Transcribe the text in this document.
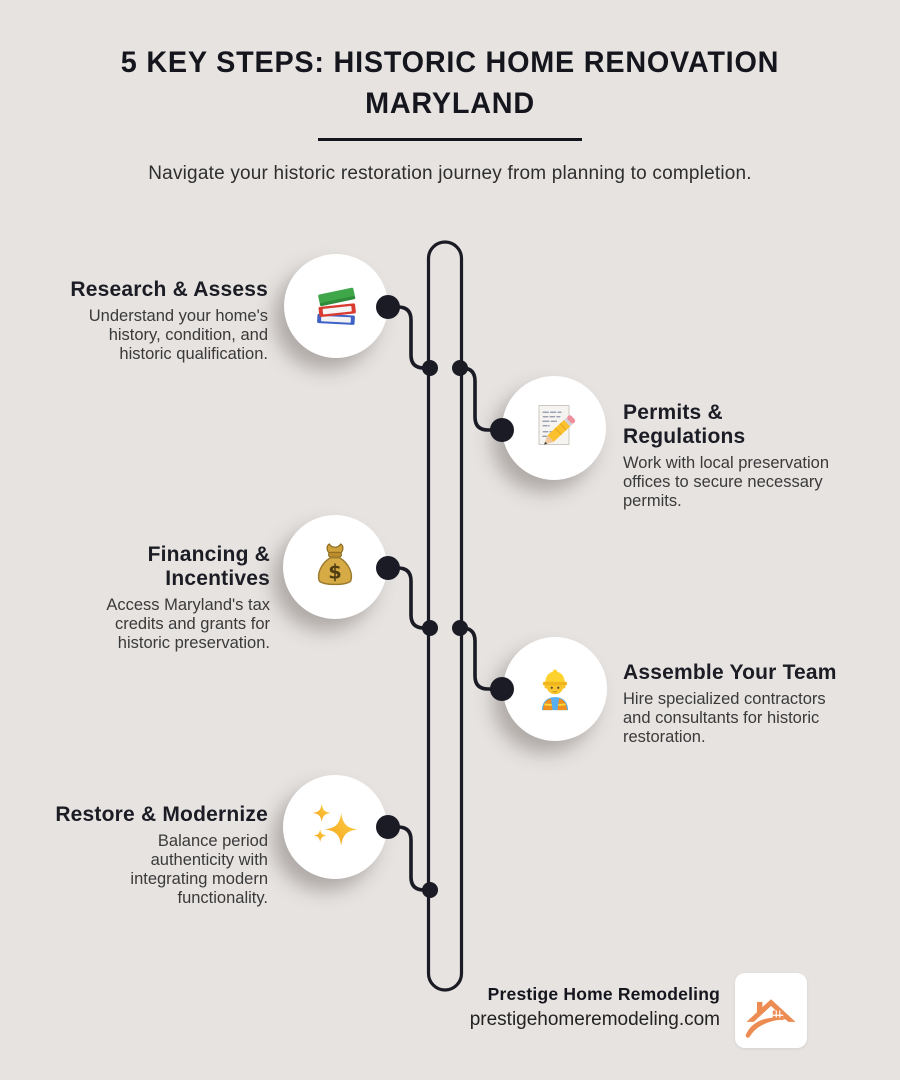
5 KEY STEPS: HISTORIC HOME RENOVATION
MARYLAND
Navigate your historic restoration journey from planning to completion.
Research & Assess
Understand your home's history, condition, and historic qualification.
Permits & Regulations
Work with local preservation offices to secure necessary permits.
Financing & Incentives
Access Maryland's tax credits and grants for historic preservation.
$
Assemble Your Team
Hire specialized contractors and consultants for historic restoration.
Restore & Modernize
Balance period authenticity with integrating modern functionality.
Prestige Home Remodeling
prestigehomeremodeling.com
